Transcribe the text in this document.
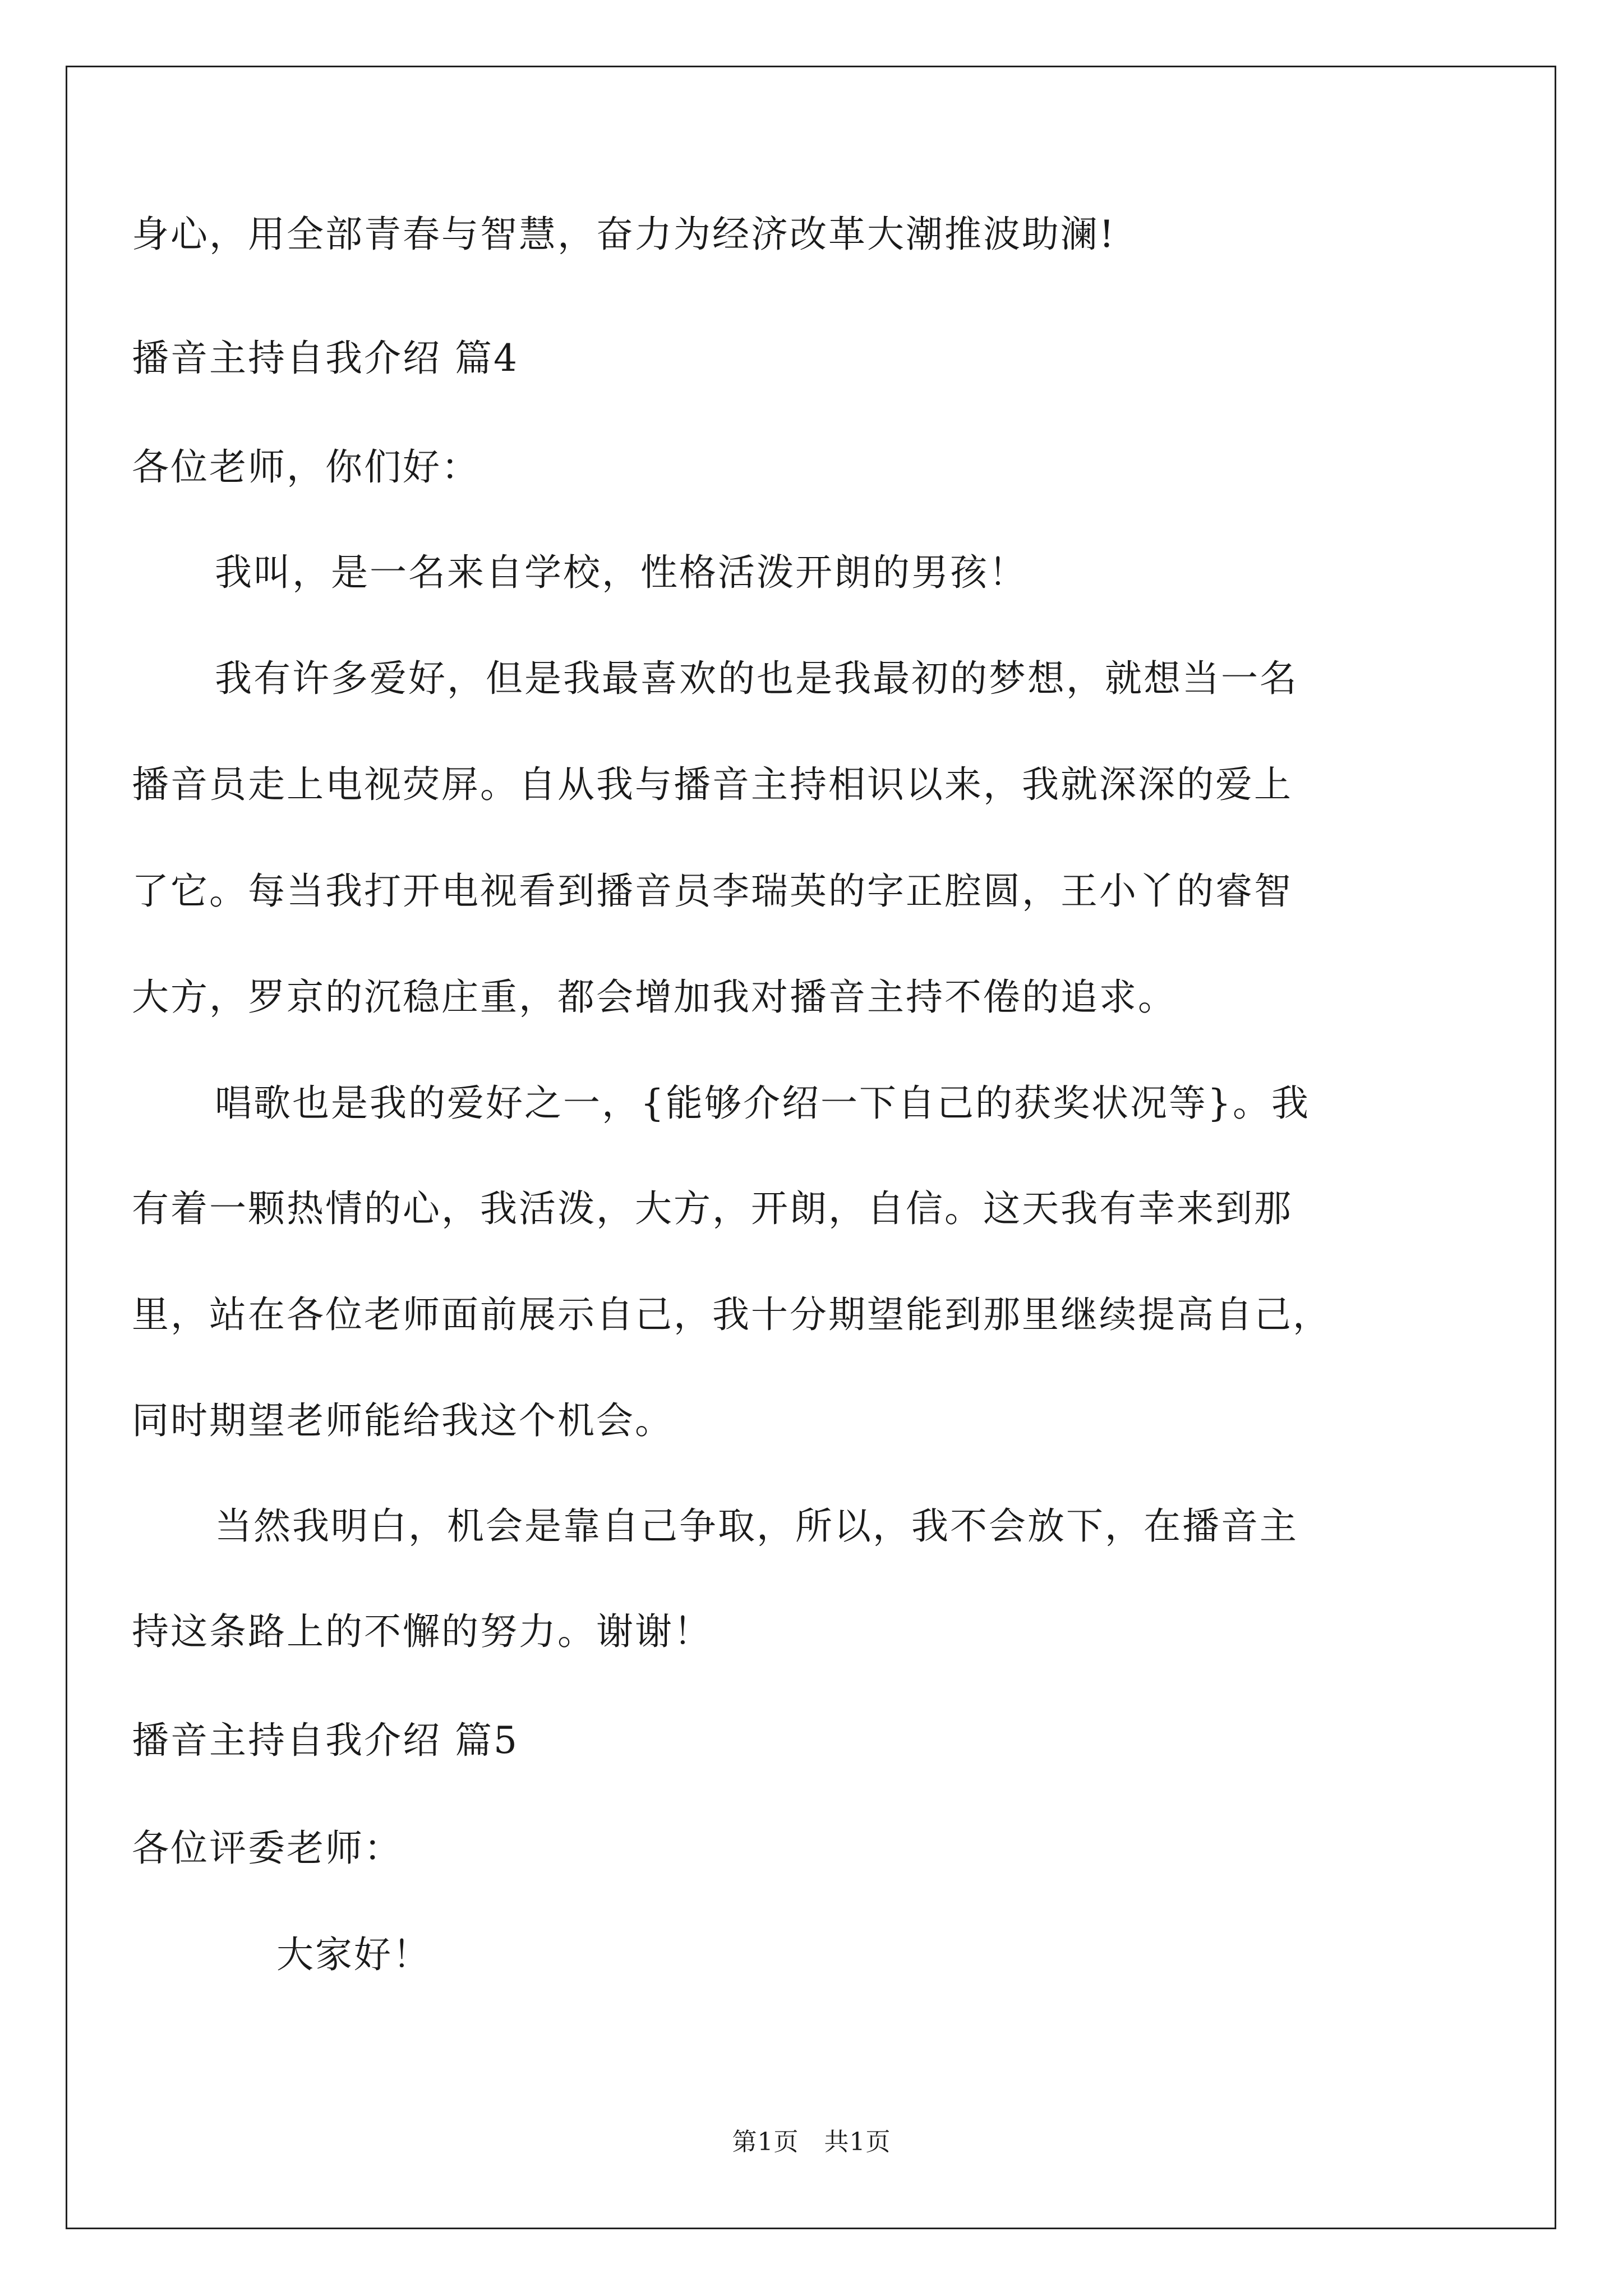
身心，用全部青春与智慧，奋力为经济改革大潮推波助澜!
播音主持自我介绍 篇4
各位老师，你们好：
我叫，是一名来自学校，性格活泼开朗的男孩！
我有许多爱好，但是我最喜欢的也是我最初的梦想，就想当一名
播音员走上电视荧屏。自从我与播音主持相识以来，我就深深的爱上
了它。每当我打开电视看到播音员李瑞英的字正腔圆，王小丫的睿智
大方，罗京的沉稳庄重，都会增加我对播音主持不倦的追求。
唱歌也是我的爱好之一，{能够介绍一下自己的获奖状况等}。我
有着一颗热情的心，我活泼，大方，开朗，自信。这天我有幸来到那
里，站在各位老师面前展示自己，我十分期望能到那里继续提高自己，
同时期望老师能给我这个机会。
当然我明白，机会是靠自己争取，所以，我不会放下，在播音主
持这条路上的不懈的努力。谢谢！
播音主持自我介绍 篇5
各位评委老师：
大家好！
第1页　共1页
